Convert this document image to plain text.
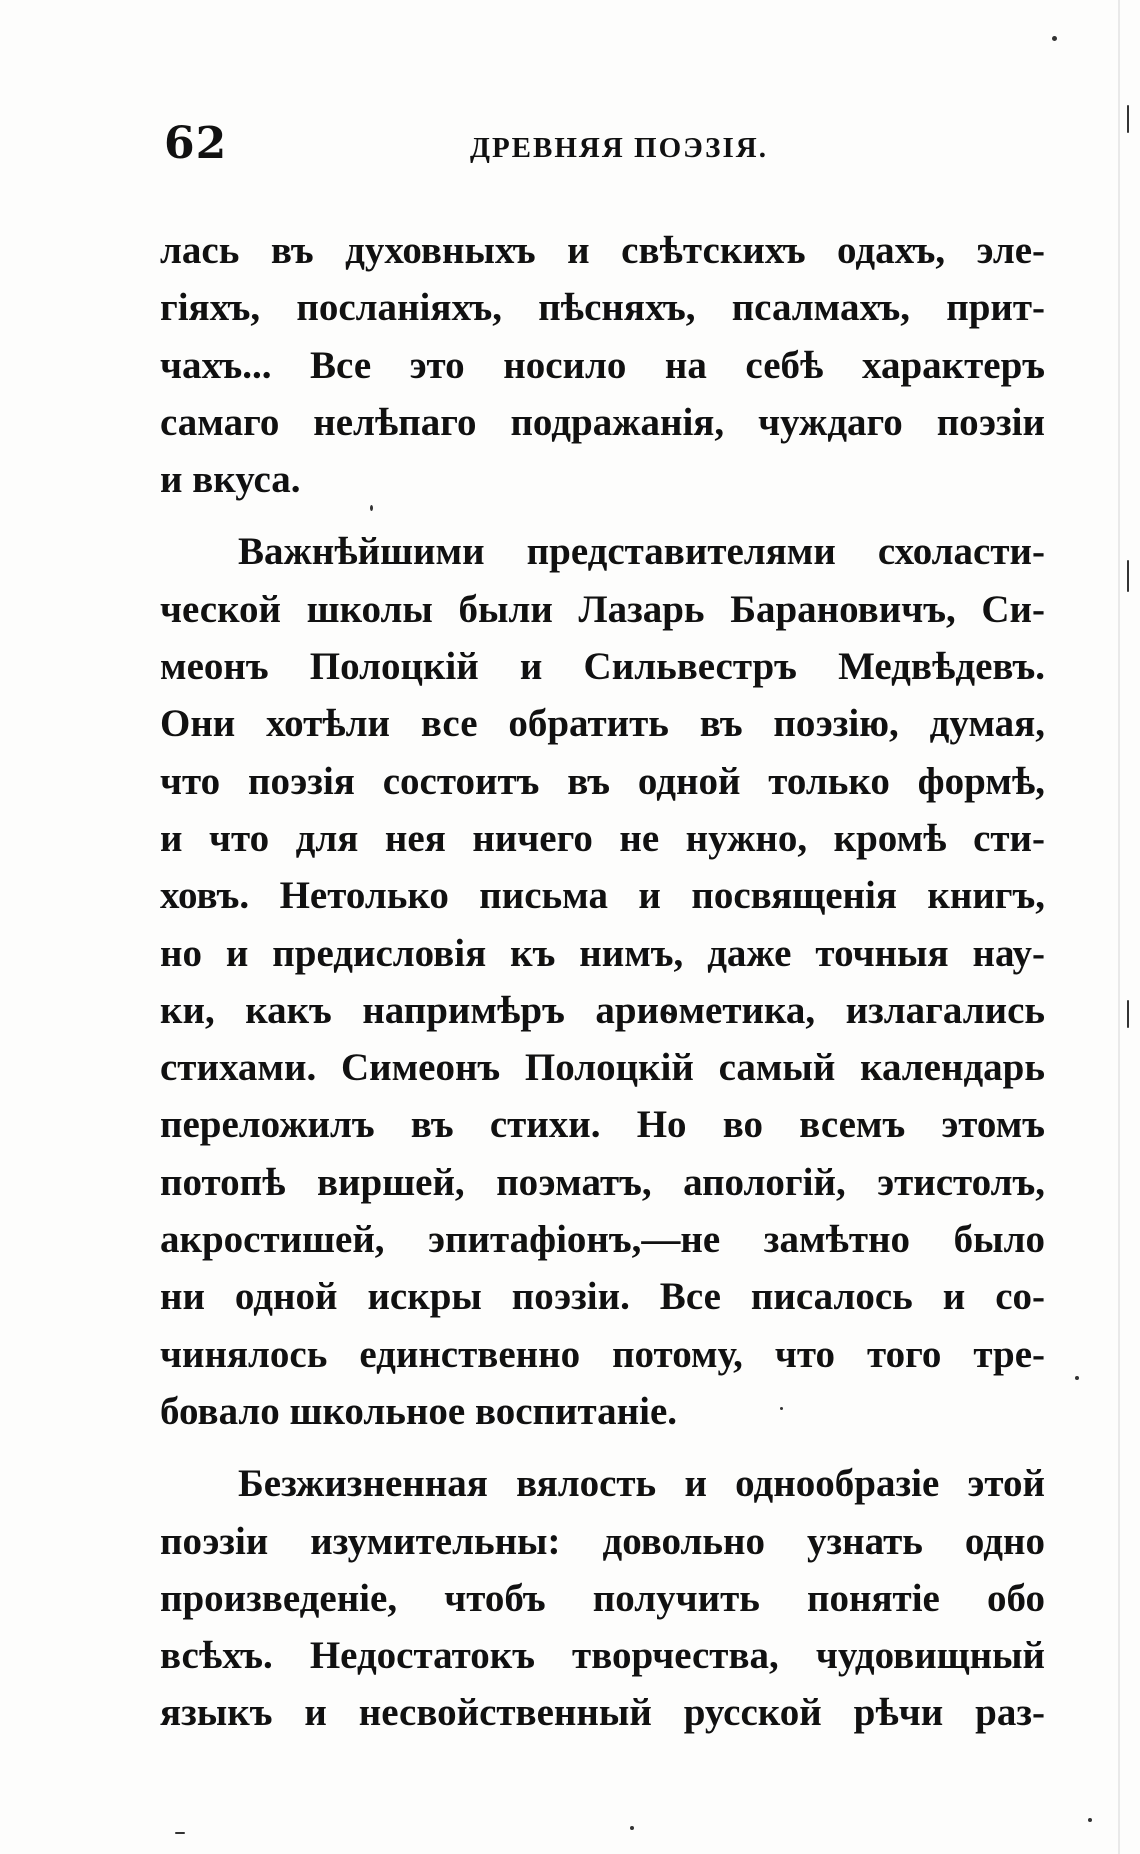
62	ДРЕВНЯЯ ПОЭЗІЯ.
лась въ духовныхъ и свѣтскихъ одахъ, эле-
гіяхъ, посланіяхъ, пѣсняхъ, псалмахъ, прит-
чахъ... Все это носило на себѣ характеръ
самаго нелѣпаго подражанія, чуждаго поэзіи
и вкуса.
Важнѣйшими представителями схоласти-
ческой школы были Лазарь Барановичъ, Си-
меонъ Полоцкій и Сильвестръ Медвѣдевъ.
Они хотѣли все обратить въ поэзію, думая,
что поэзія состоитъ въ одной только формѣ,
и что для нея ничего не нужно, кромѣ сти-
ховъ. Нетолько письма и посвященія книгъ,
но и предисловія къ нимъ, даже точныя нау-
ки, какъ напримѣръ ариѳметика, излагались
стихами. Симеонъ Полоцкій самый календарь
переложилъ въ стихи. Но во всемъ этомъ
потопѣ виршей, поэматъ, апологій, этистолъ,
акростишей, эпитафіонъ,—не замѣтно было
ни одной искры поэзіи. Все писалось и со-
чинялось единственно потому, что того тре-
бовало школьное воспитаніе.
Безжизненная вялость и однообразіе этой
поэзіи изумительны: довольно узнать одно
произведеніе, чтобъ получить понятіе обо
всѣхъ. Недостатокъ творчества, чудовищный
языкъ и несвойственный русской рѣчи раз-
